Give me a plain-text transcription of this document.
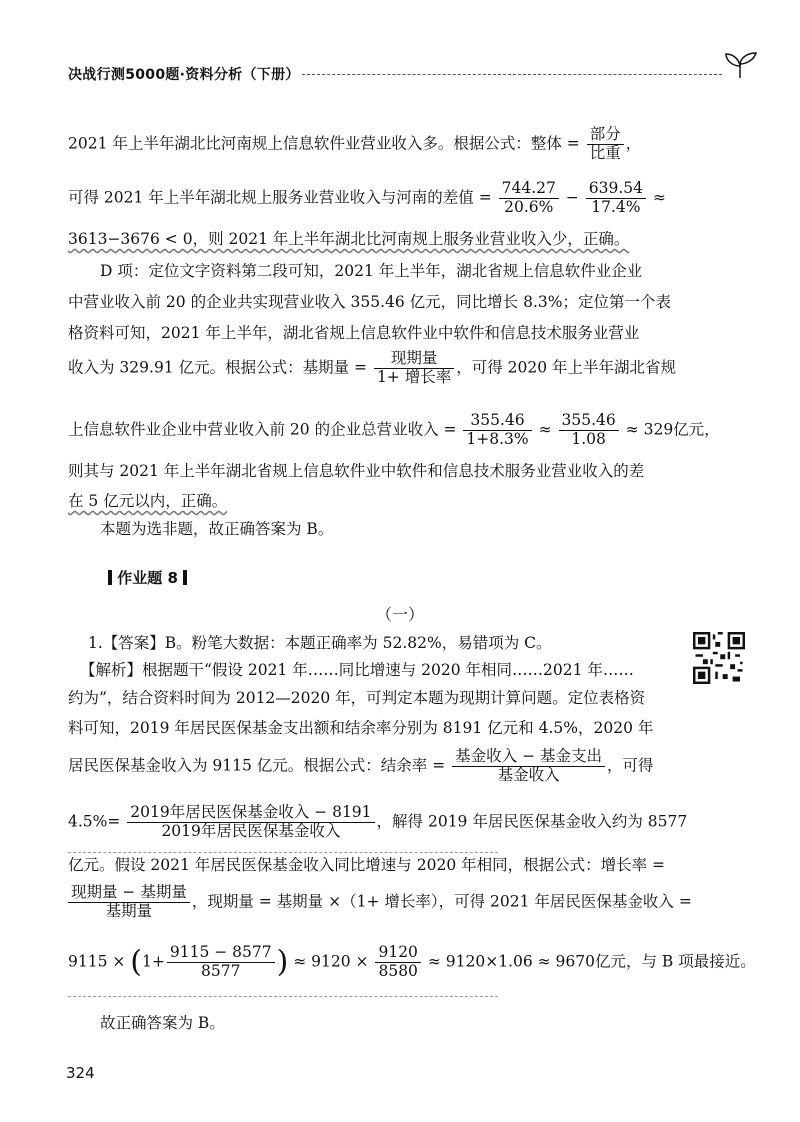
决战行测5000题·资料分析（下册）
2021 年上半年湖北比河南规上信息软件业营业收入多。根据公式：整体 = $\frac{\text{部分}}{\text{比重}}$ ，
可得 2021 年上半年湖北规上服务业营业收入与河南的差值 = $\frac{744.27}{20.6\%} - \frac{639.54}{17.4\%}$ ≈
3613−3676 < 0，则 2021 年上半年湖北比河南规上服务业营业收入少，正确。
D 项：定位文字资料第二段可知，2021 年上半年，湖北省规上信息软件业企业
中营业收入前 20 的企业共实现营业收入 355.46 亿元，同比增长 8.3%；定位第一个表
格资料可知，2021 年上半年，湖北省规上信息软件业中软件和信息技术服务业营业
收入为 329.91 亿元。根据公式：基期量 = $\frac{\text{现期量}}{\text{1+ 增长率}}$ ，可得 2020 年上半年湖北省规
上信息软件业企业中营业收入前 20 的企业总营业收入 = $\frac{355.46}{1+8.3\%} \approx \frac{355.46}{1.08} \approx 329$亿元，
则其与 2021 年上半年湖北省规上信息软件业中软件和信息技术服务业营业收入的差
在 5 亿元以内，正确。
本题为选非题，故正确答案为 B。
作业题 8
（一）
1.【答案】B。粉笔大数据：本题正确率为 52.82%，易错项为 C。
【解析】根据题干“假设 2021 年……同比增速与 2020 年相同……2021 年……
约为”，结合资料时间为 2012—2020 年，可判定本题为现期计算问题。定位表格资
料可知，2019 年居民医保基金支出额和结余率分别为 8191 亿元和 4.5%，2020 年
居民医保基金收入为 9115 亿元。根据公式：结余率 = $\frac{\text{基金收入 − 基金支出}}{\text{基金收入}}$ ，可得
$4.5\%= \frac{\text{2019年居民医保基金收入 − 8191}}{\text{2019年居民医保基金收入}}$ ，解得 2019 年居民医保基金收入约为 8577
亿元。假设 2021 年居民医保基金收入同比增速与 2020 年相同，根据公式：增长率 =
$\frac{\text{现期量 − 基期量}}{\text{基期量}}$ ，现期量 = 基期量 ×（1+ 增长率），可得 2021 年居民医保基金收入 =
$9115 \times (1+ \frac{9115 - 8577}{8577}$ ) ≈ $9120 \times \frac{9120}{8580} \approx 9120\times 1.06 \approx 9670$亿元，与 B 项最接近。
故正确答案为 B。
324
